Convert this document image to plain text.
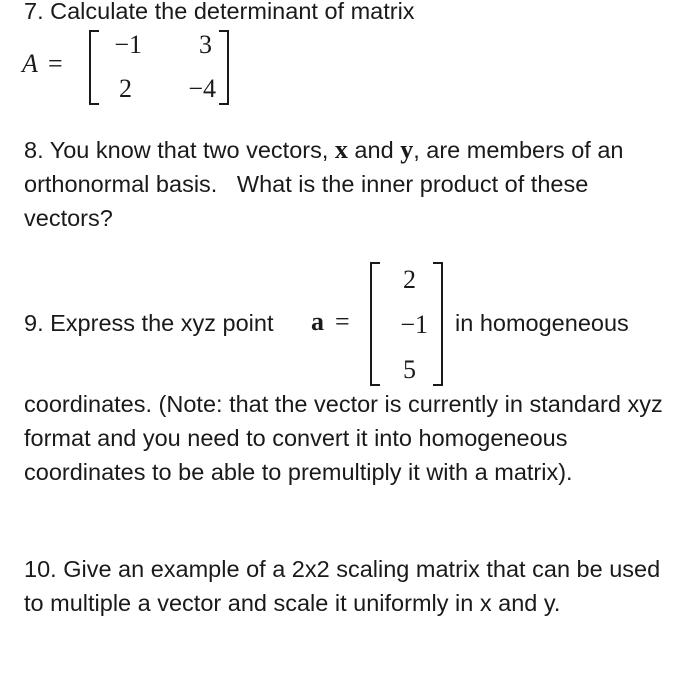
7. Calculate the determinant of matrix
A =
−1	3
2	−4
8. You know that two vectors, x and y, are members of an orthonormal basis.   What is the inner product of these vectors?
9. Express the xyz point a =
2
−1
5
in homogeneous
coordinates. (Note: that the vector is currently in standard xyz format and you need to convert it into homogeneous coordinates to be able to premultiply it with a matrix).
10. Give an example of a 2x2 scaling matrix that can be used to multiple a vector and scale it uniformly in x and y.
